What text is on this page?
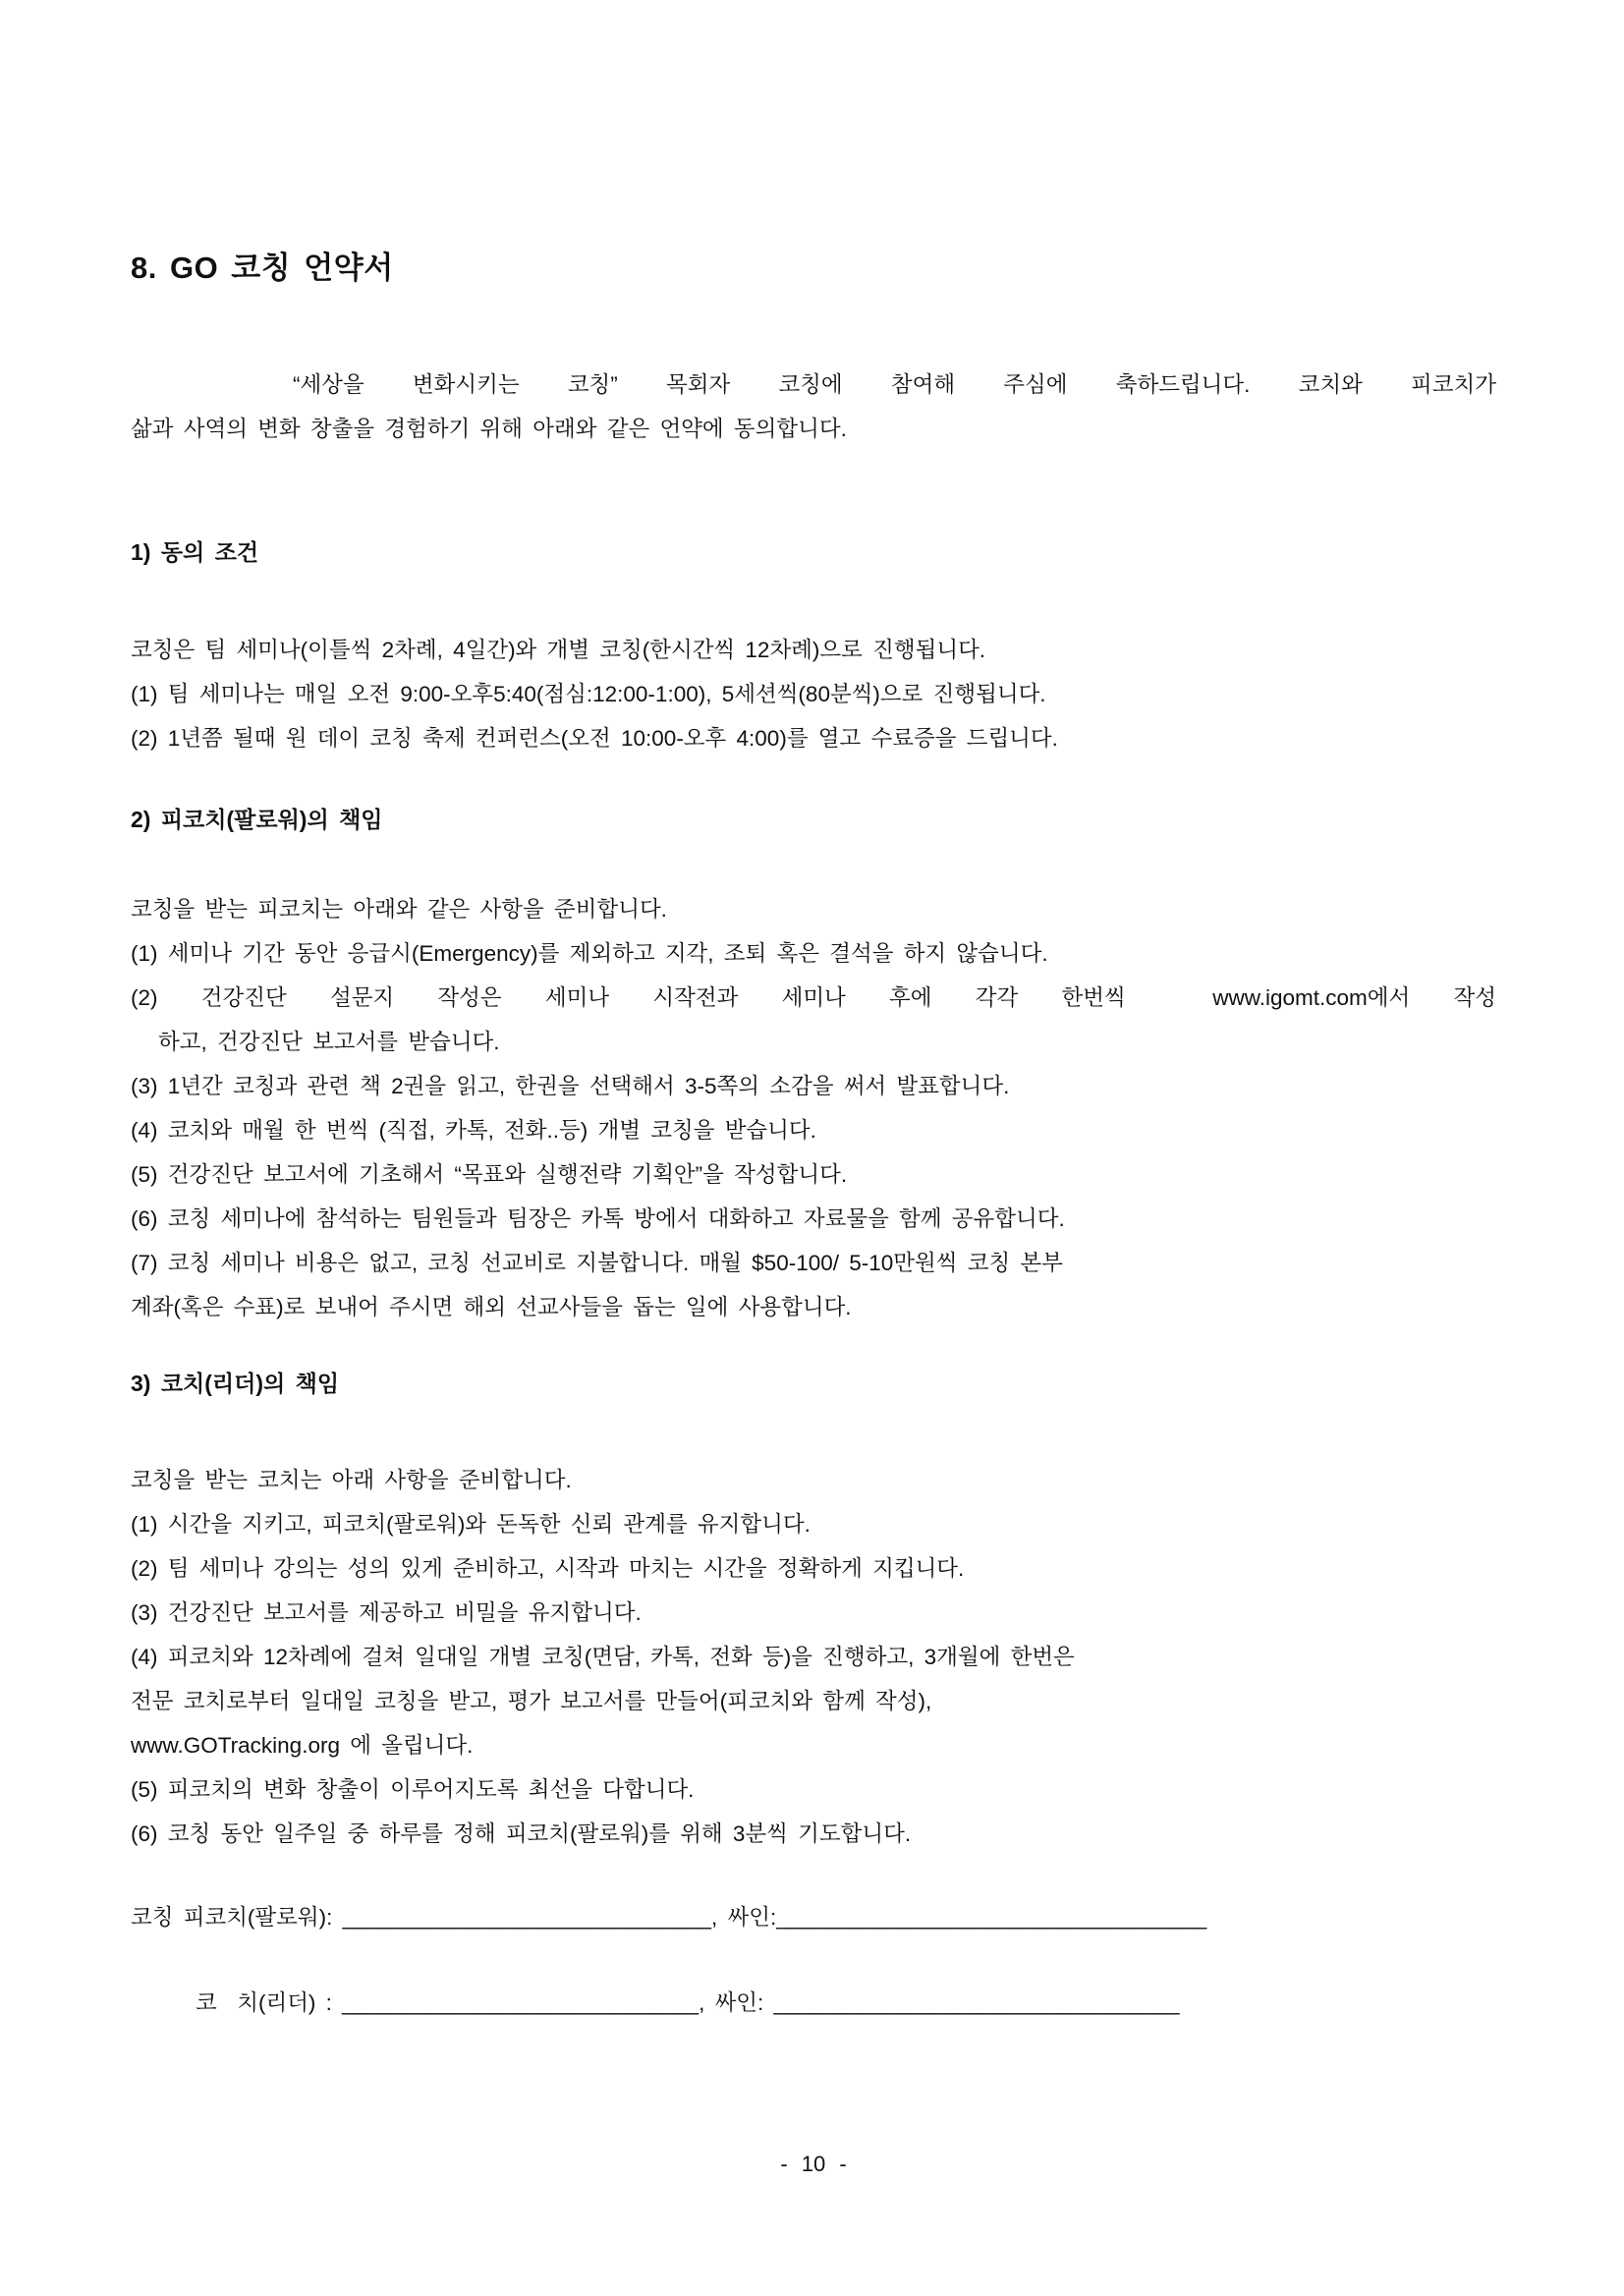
8. GO 코칭 언약서
“세상을 변화시키는 코칭” 목회자 코칭에 참여해 주심에 축하드립니다. 코치와 피코치가
삶과 사역의 변화 창출을 경험하기 위해 아래와 같은 언약에 동의합니다.
1) 동의 조건
코칭은 팀 세미나(이틀씩 2차례, 4일간)와 개별 코칭(한시간씩 12차례)으로 진행됩니다.
(1) 팀 세미나는 매일 오전 9:00-오후5:40(점심:12:00-1:00), 5세션씩(80분씩)으로 진행됩니다.
(2) 1년쯤 될때 원 데이 코칭 축제 컨퍼런스(오전 10:00-오후 4:00)를 열고 수료증을 드립니다.
2) 피코치(팔로워)의 책임
코칭을 받는 피코치는 아래와 같은 사항을 준비합니다.
(1) 세미나 기간 동안 응급시(Emergency)를 제외하고 지각, 조퇴 혹은 결석을 하지 않습니다.
(2) 건강진단 설문지 작성은 세미나 시작전과 세미나 후에 각각 한번씩  www.igomt.com에서 작성
하고, 건강진단 보고서를 받습니다.
(3) 1년간 코칭과 관련 책 2권을 읽고, 한권을 선택해서 3-5쪽의 소감을 써서 발표합니다.
(4) 코치와 매월 한 번씩 (직접, 카톡, 전화..등) 개별 코칭을 받습니다.
(5) 건강진단 보고서에 기초해서 “목표와 실행전략 기획안”을 작성합니다.
(6) 코칭 세미나에 참석하는 팀원들과 팀장은 카톡 방에서 대화하고 자료물을 함께 공유합니다.
(7) 코칭 세미나 비용은 없고, 코칭 선교비로 지불합니다. 매월 $50-100/ 5-10만원씩 코칭 본부
계좌(혹은 수표)로 보내어 주시면 해외 선교사들을 돕는 일에 사용합니다.
3) 코치(리더)의 책임
코칭을 받는 코치는 아래 사항을 준비합니다.
(1) 시간을 지키고, 피코치(팔로워)와 돈독한 신뢰 관계를 유지합니다.
(2) 팀 세미나 강의는 성의 있게 준비하고, 시작과 마치는 시간을 정확하게 지킵니다.
(3) 건강진단 보고서를 제공하고 비밀을 유지합니다.
(4) 피코치와 12차례에 걸쳐 일대일 개별 코칭(면담, 카톡, 전화 등)을 진행하고, 3개월에 한번은
전문 코치로부터 일대일 코칭을 받고, 평가 보고서를 만들어(피코치와 함께 작성),
www.GOTracking.org 에 올립니다.
(5) 피코치의 변화 창출이 이루어지도록 최선을 다합니다.
(6) 코칭 동안 일주일 중 하루를 정해 피코치(팔로워)를 위해 3분씩 기도합니다.
코칭 피코치(팔로워): ______________________________, 싸인:___________________________________
코  치(리더) : _____________________________, 싸인: _________________________________
- 10 -
